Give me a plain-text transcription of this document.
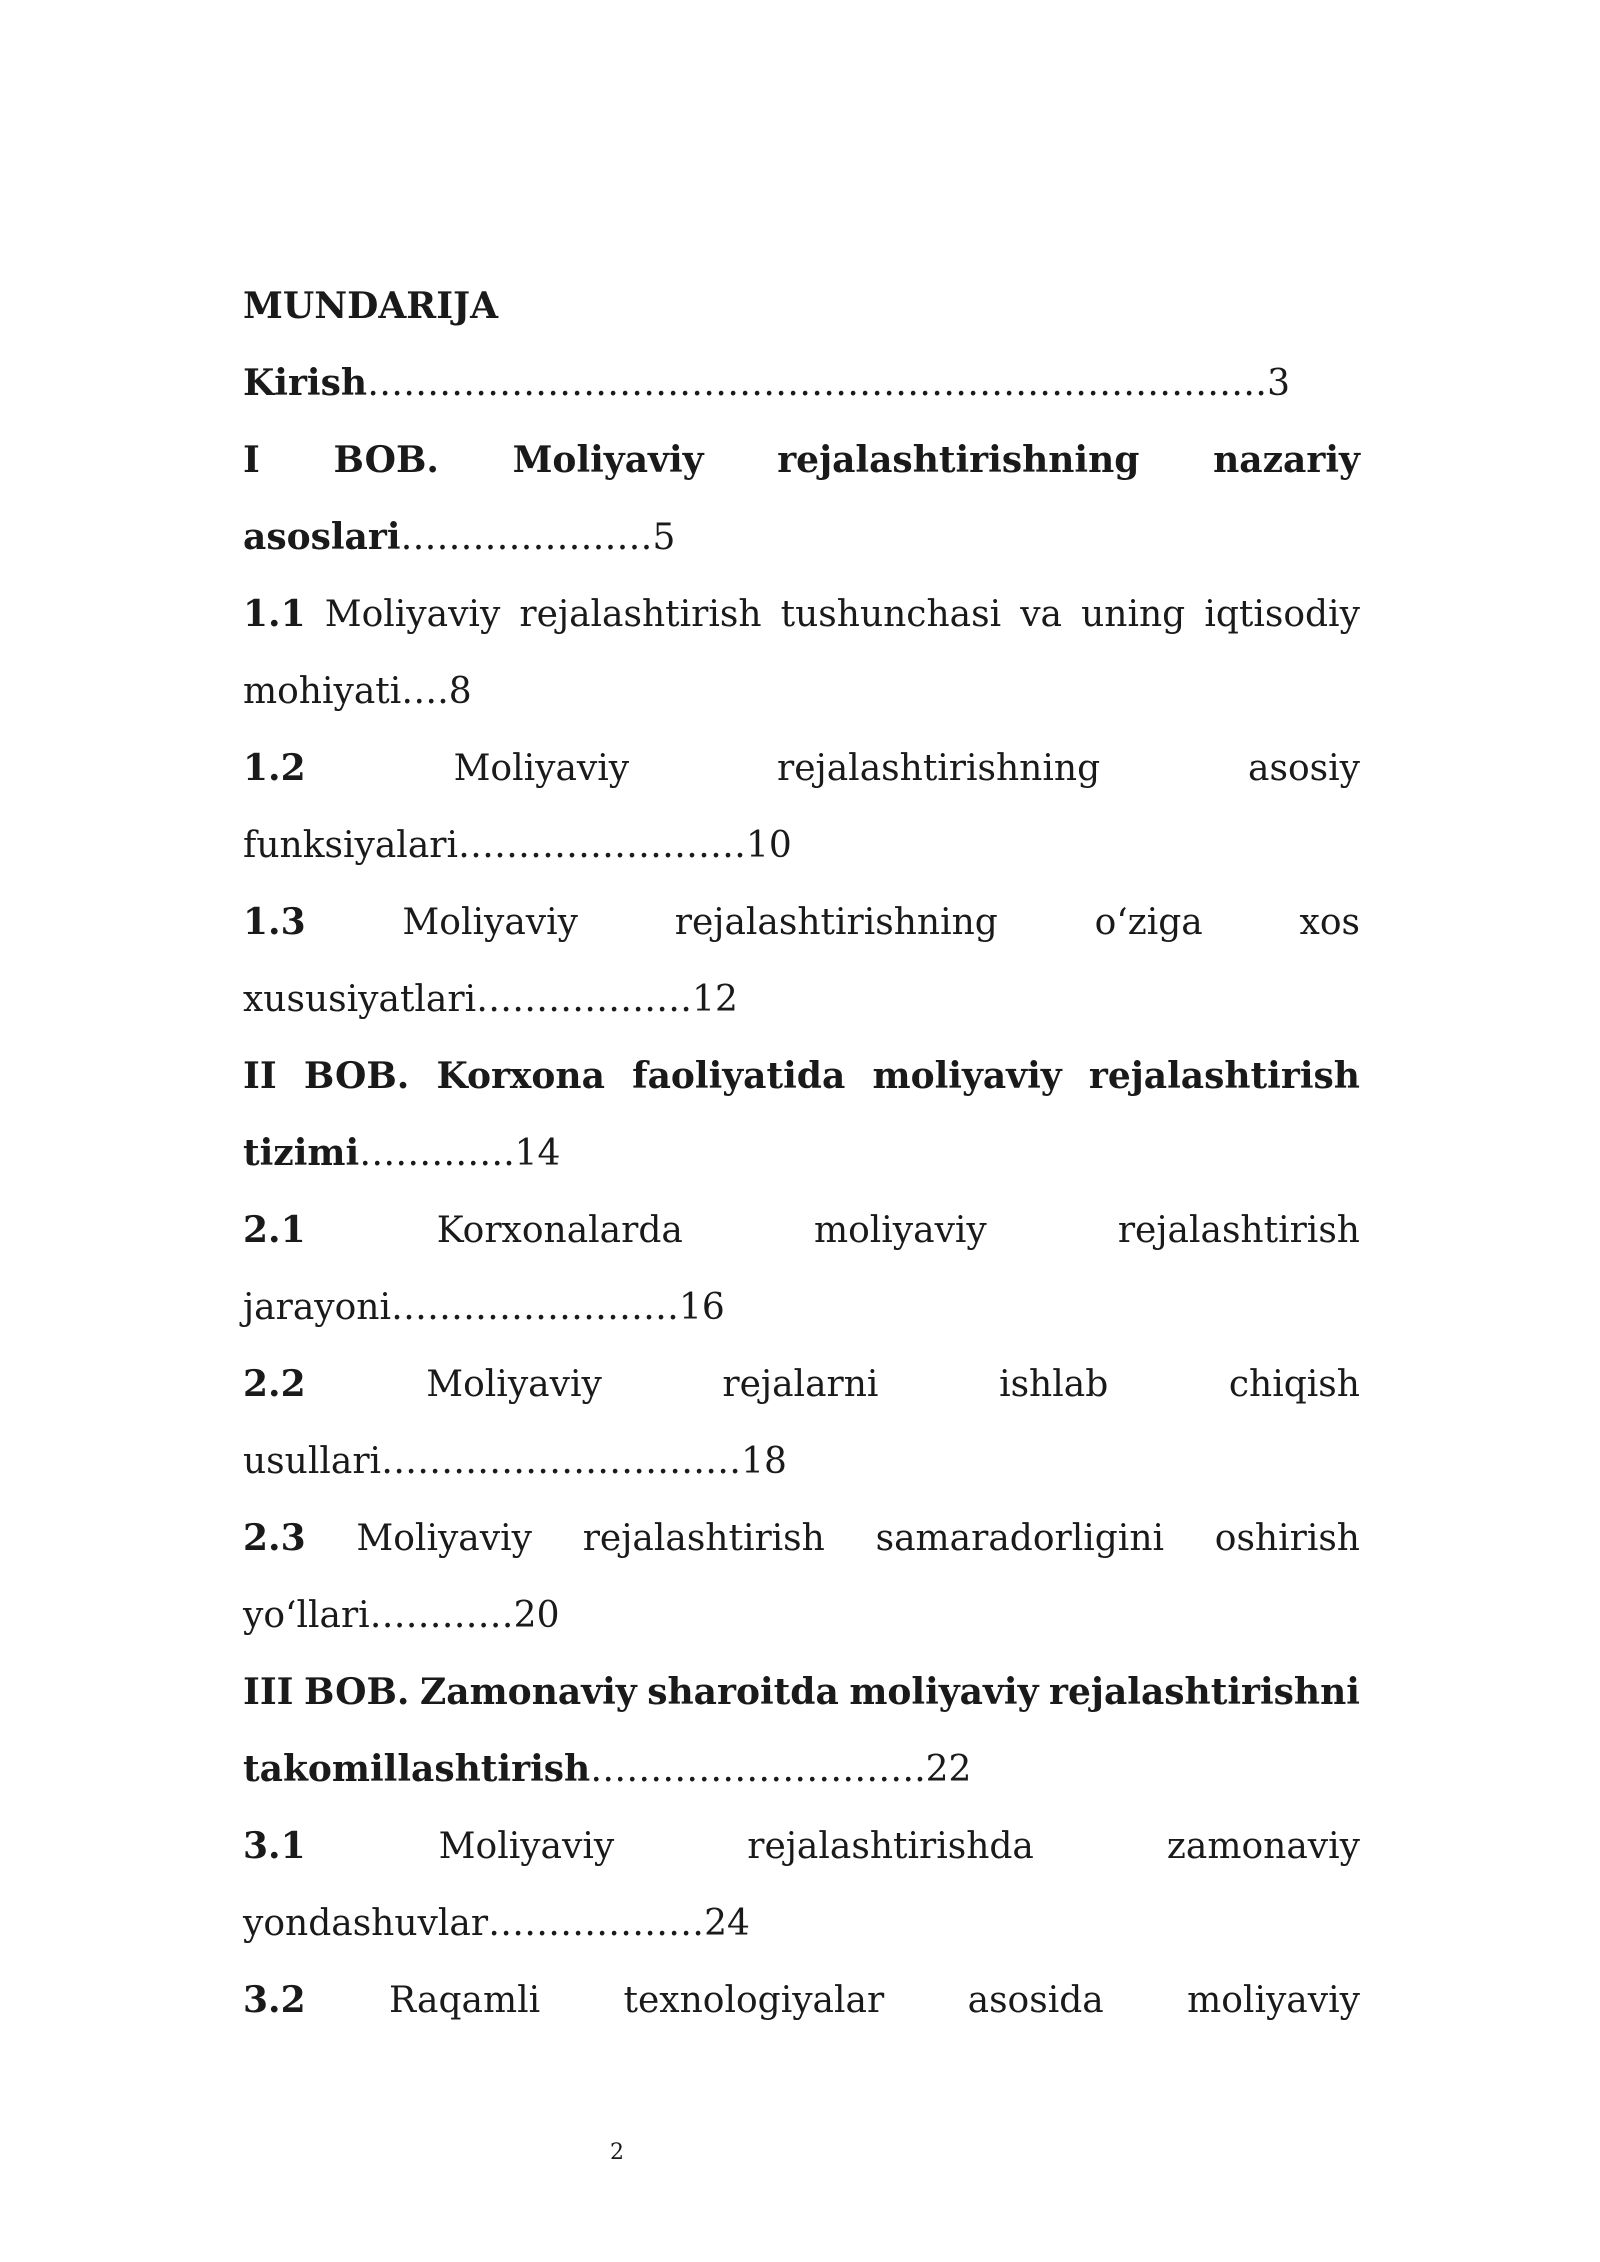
MUNDARIJA
Kirish…………………………………………………………………3
I BOB. Moliyaviy rejalashtirishning nazariy
asoslari…………………5
1.1 Moliyaviy rejalashtirish tushunchasi va uning iqtisodiy
mohiyati….8
1.2	Moliyaviy	rejalashtirishning	asosiy
funksiyalari……………………10
1.3	Moliyaviy	rejalashtirishning	o‘ziga	xos
xususiyatlari………………12
II BOB. Korxona faoliyatida moliyaviy rejalashtirish
tizimi………….14
2.1	Korxonalarda	moliyaviy	rejalashtirish
jarayoni……………………16
2.2	Moliyaviy	rejalarni	ishlab	chiqish
usullari…………………………18
2.3 Moliyaviy rejalashtirish samaradorligini oshirish
yo‘llari…………20
III BOB. Zamonaviy sharoitda moliyaviy rejalashtirishni
takomillashtirish……………………….22
3.1	Moliyaviy	rejalashtirishda	zamonaviy
yondashuvlar………………24
3.2 Raqamli texnologiyalar asosida moliyaviy
2
